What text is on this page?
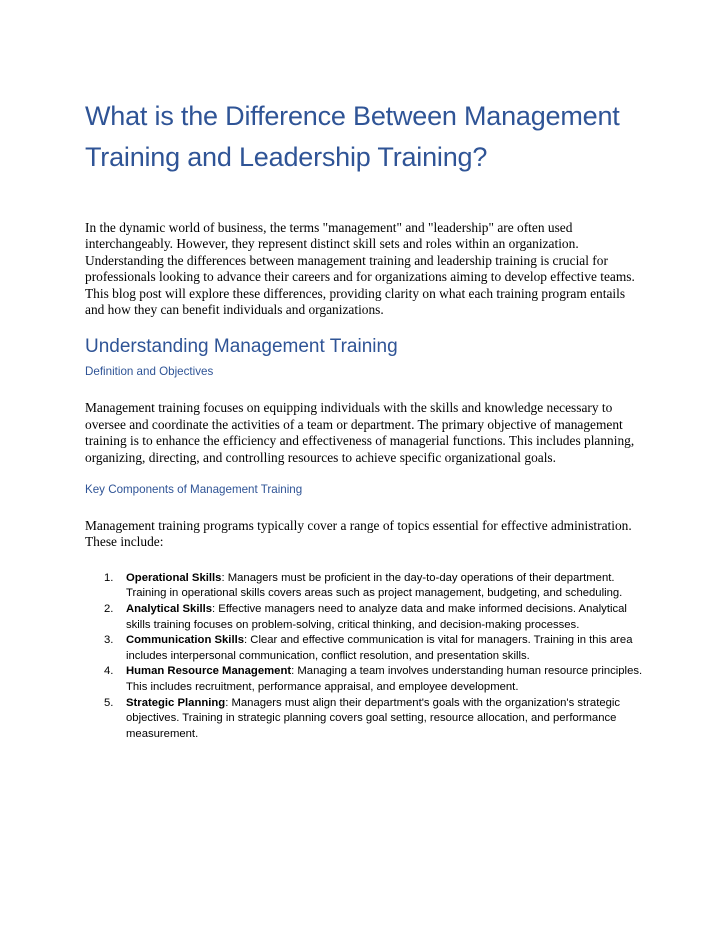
What is the Difference Between Management Training and Leadership Training?

In the dynamic world of business, the terms "management" and "leadership" are often used interchangeably. However, they represent distinct skill sets and roles within an organization. Understanding the differences between management training and leadership training is crucial for professionals looking to advance their careers and for organizations aiming to develop effective teams. This blog post will explore these differences, providing clarity on what each training program entails and how they can benefit individuals and organizations.

Understanding Management Training
Definition and Objectives

Management training focuses on equipping individuals with the skills and knowledge necessary to oversee and coordinate the activities of a team or department. The primary objective of management training is to enhance the efficiency and effectiveness of managerial functions. This includes planning, organizing, directing, and controlling resources to achieve specific organizational goals.

Key Components of Management Training

Management training programs typically cover a range of topics essential for effective administration. These include:

1. Operational Skills: Managers must be proficient in the day-to-day operations of their department. Training in operational skills covers areas such as project management, budgeting, and scheduling.
2. Analytical Skills: Effective managers need to analyze data and make informed decisions. Analytical skills training focuses on problem-solving, critical thinking, and decision-making processes.
3. Communication Skills: Clear and effective communication is vital for managers. Training in this area includes interpersonal communication, conflict resolution, and presentation skills.
4. Human Resource Management: Managing a team involves understanding human resource principles. This includes recruitment, performance appraisal, and employee development.
5. Strategic Planning: Managers must align their department's goals with the organization's strategic objectives. Training in strategic planning covers goal setting, resource allocation, and performance measurement.
